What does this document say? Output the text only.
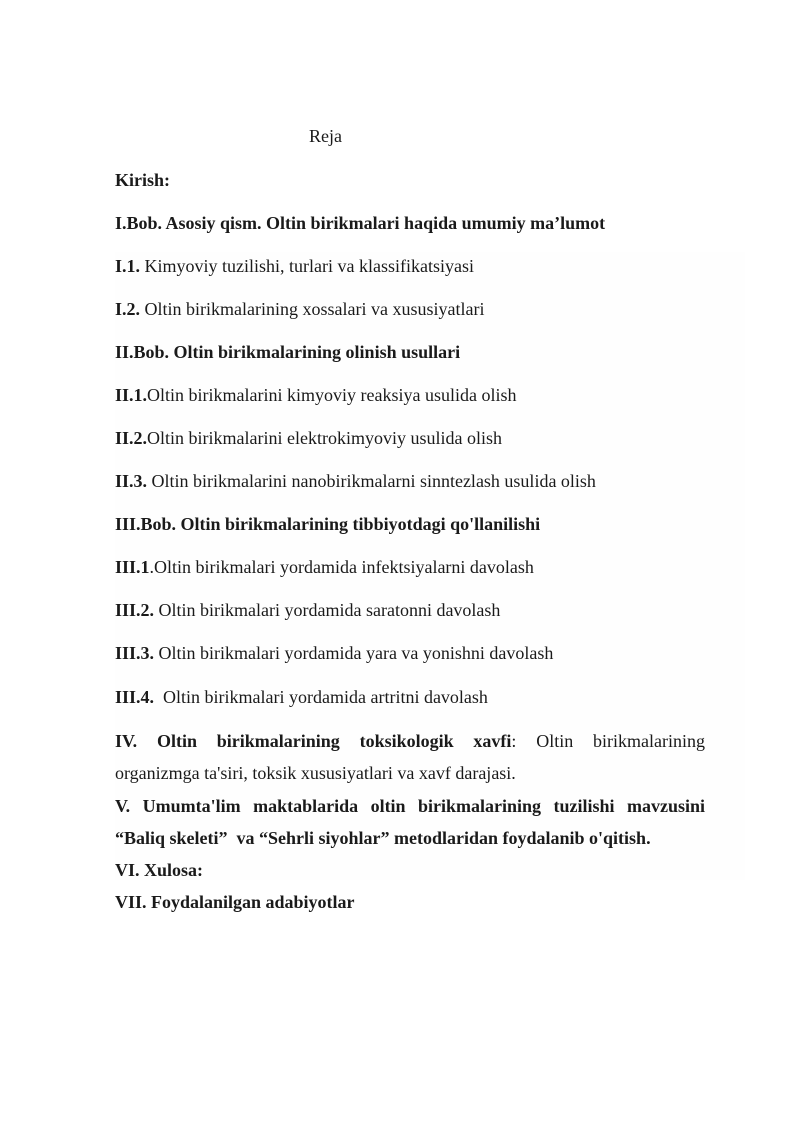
Reja
Kirish:
I.Bob. Asosiy qism. Oltin birikmalari haqida umumiy ma’lumot
I.1. Kimyoviy tuzilishi, turlari va klassifikatsiyasi
I.2. Oltin birikmalarining xossalari va xususiyatlari
II.Bob. Oltin birikmalarining olinish usullari
II.1.Oltin birikmalarini kimyoviy reaksiya usulida olish
II.2.Oltin birikmalarini elektrokimyoviy usulida olish
II.3. Oltin birikmalarini nanobirikmalarni sinntezlash usulida olish
III.Bob. Oltin birikmalarining tibbiyotdagi qo'llanilishi
III.1.Oltin birikmalari yordamida infektsiyalarni davolash
III.2. Oltin birikmalari yordamida saratonni davolash
III.3. Oltin birikmalari yordamida yara va yonishni davolash
III.4.  Oltin birikmalari yordamida artritni davolash
IV. Oltin birikmalarining toksikologik xavfi: Oltin birikmalarining
organizmga ta'siri, toksik xususiyatlari va xavf darajasi.
V. Umumta'lim maktablarida oltin birikmalarining tuzilishi mavzusini
“Baliq skeleti”  va “Sehrli siyohlar” metodlaridan foydalanib o'qitish.
VI. Xulosa:
VII. Foydalanilgan adabiyotlar
